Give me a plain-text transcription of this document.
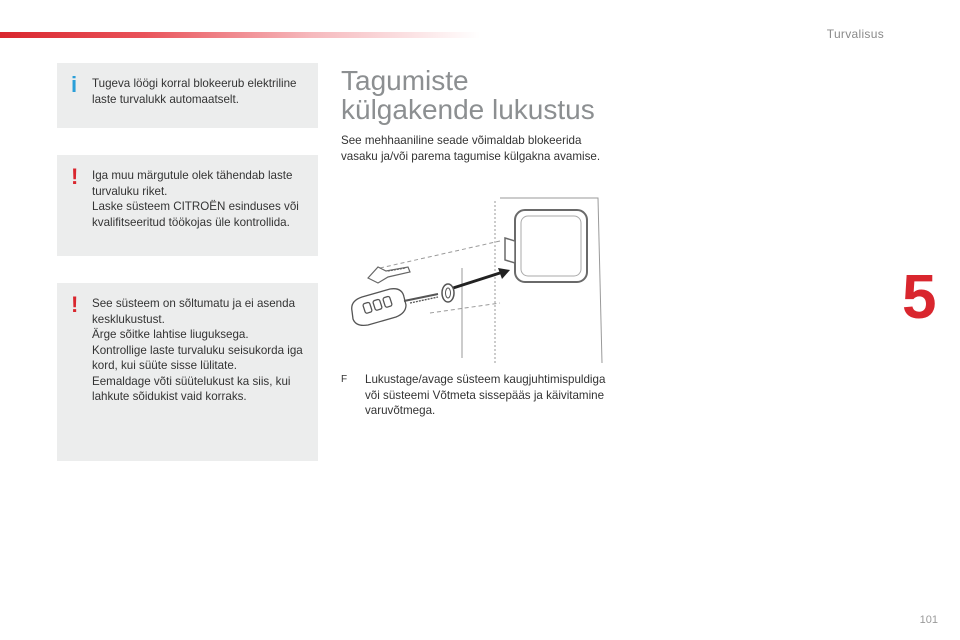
Turvalisus
5
101
i Tugeva löögi korral blokeerub elektriline laste turvalukk automaatselt.

! Iga muu märgutule olek tähendab laste turvaluku riket.

Laske süsteem CITROËN esinduses või kvalifitseeritud töökojas üle kontrollida.

! See süsteem on sõltumatu ja ei asenda kesklukustust.

Ärge sõitke lahtise liuguksega.

Kontrollige laste turvaluku seisukorda iga kord, kui süüte sisse lülitate.

Eemaldage võti süütelukust ka siis, kui lahkute sõidukist vaid korraks.

Tagumiste
külgakende lukustus
See mehhaaniline seade võimaldab blokeerida vasaku ja/või parema tagumise külgakna avamise.
F Lukustage/avage süsteem kaugjuhtimispuldiga või süsteemi Võtmeta sissepääs ja käivitamine varuvõtmega.
